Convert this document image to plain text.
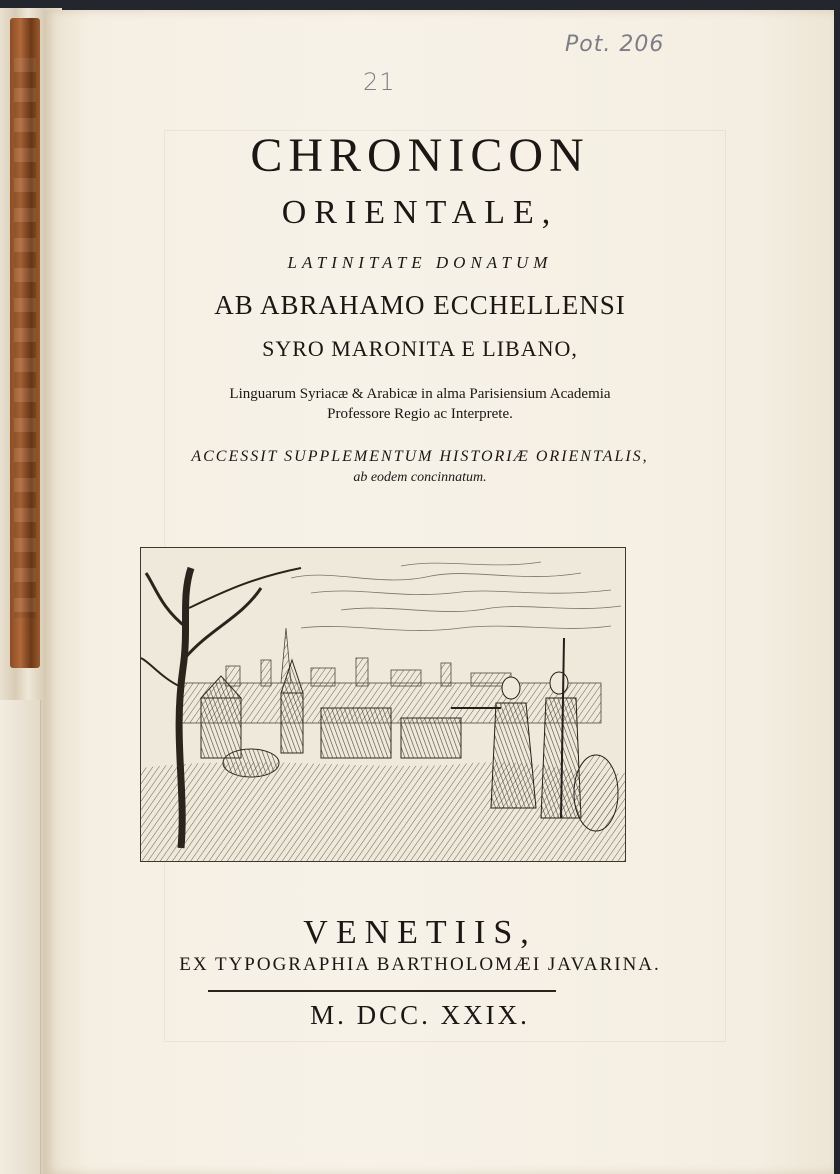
Pot. 206
21
CHRONICON
ORIENTALE,
LATINITATE DONATUM
AB ABRAHAMO ECCHELLENSI
SYRO MARONITA E LIBANO,
Linguarum Syriacæ & Arabicæ in alma Parisiensium Academia
Professore Regio ac Interprete.
ACCESSIT SUPPLEMENTUM HISTORIÆ ORIENTALIS,
ab eodem concinnatum.
VENETIIS,
EX TYPOGRAPHIA BARTHOLOMÆI JAVARINA.
M. DCC. XXIX.
